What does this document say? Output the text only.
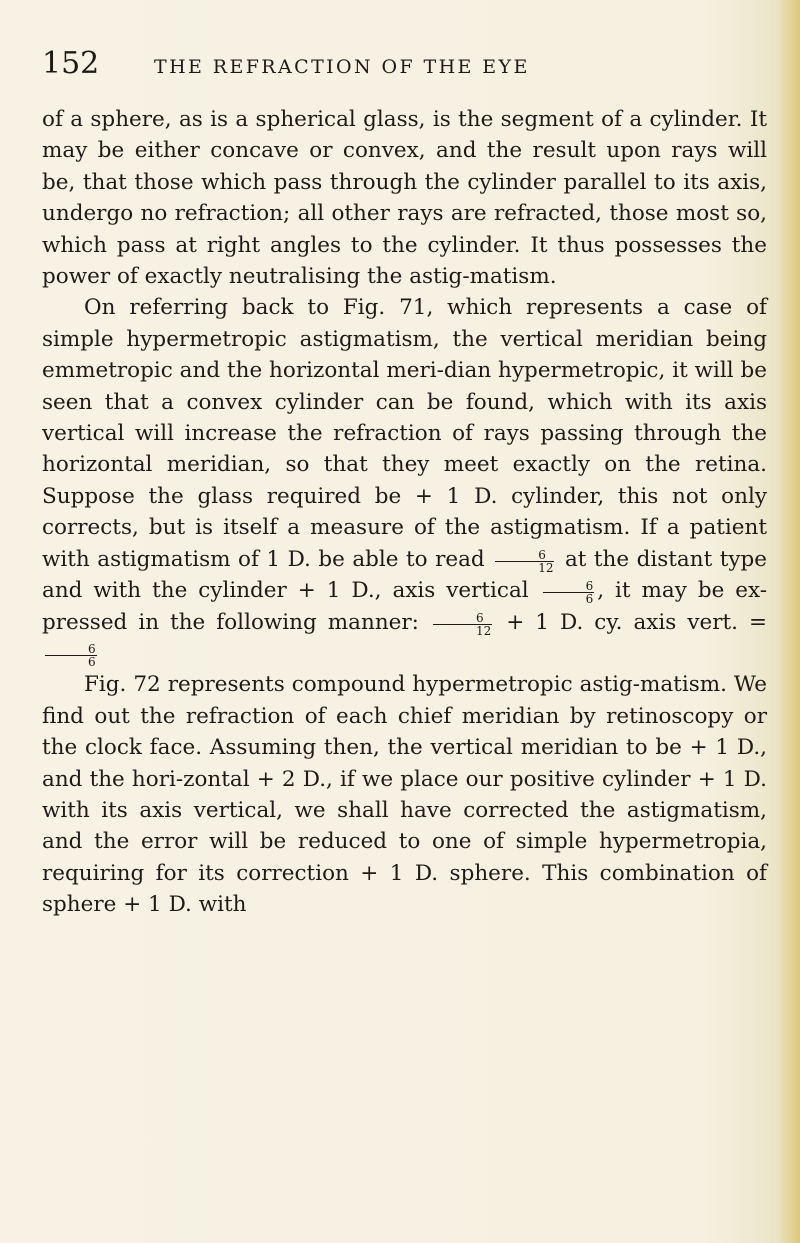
152	THE REFRACTION OF THE EYE

of a sphere, as is a spherical glass, is the segment of a cylinder. It may be either concave or convex, and the result upon rays will be, that those which pass through the cylinder parallel to its axis, undergo no refraction; all other rays are refracted, those most so, which pass at right angles to the cylinder. It thus possesses the power of exactly neutralising the astig-matism.

On referring back to Fig. 71, which represents a case of simple hypermetropic astigmatism, the vertical meridian being emmetropic and the horizontal meri-dian hypermetropic, it will be seen that a convex cylinder can be found, which with its axis vertical will increase the refraction of rays passing through the horizontal meridian, so that they meet exactly on the retina. Suppose the glass required be + 1 D. cylinder, this not only corrects, but is itself a measure of the astigmatism. If a patient with astigmatism of 1 D. be able to read $\frac{6}{12}$ at the distant type and with the cylinder + 1 D., axis vertical $\frac{6}{6}$ , it may be ex-pressed in the following manner: $\frac{6}{12} + 1$ D. cy. axis vert. =
$\frac{6}{6}$

Fig. 72 represents compound hypermetropic astig-matism. We find out the refraction of each chief meridian by retinoscopy or the clock face. Assuming then, the vertical meridian to be + 1 D., and the hori-zontal + 2 D., if we place our positive cylinder + 1 D. with its axis vertical, we shall have corrected the astigmatism, and the error will be reduced to one of simple hypermetropia, requiring for its correction + 1 D. sphere. This combination of sphere + 1 D. with
